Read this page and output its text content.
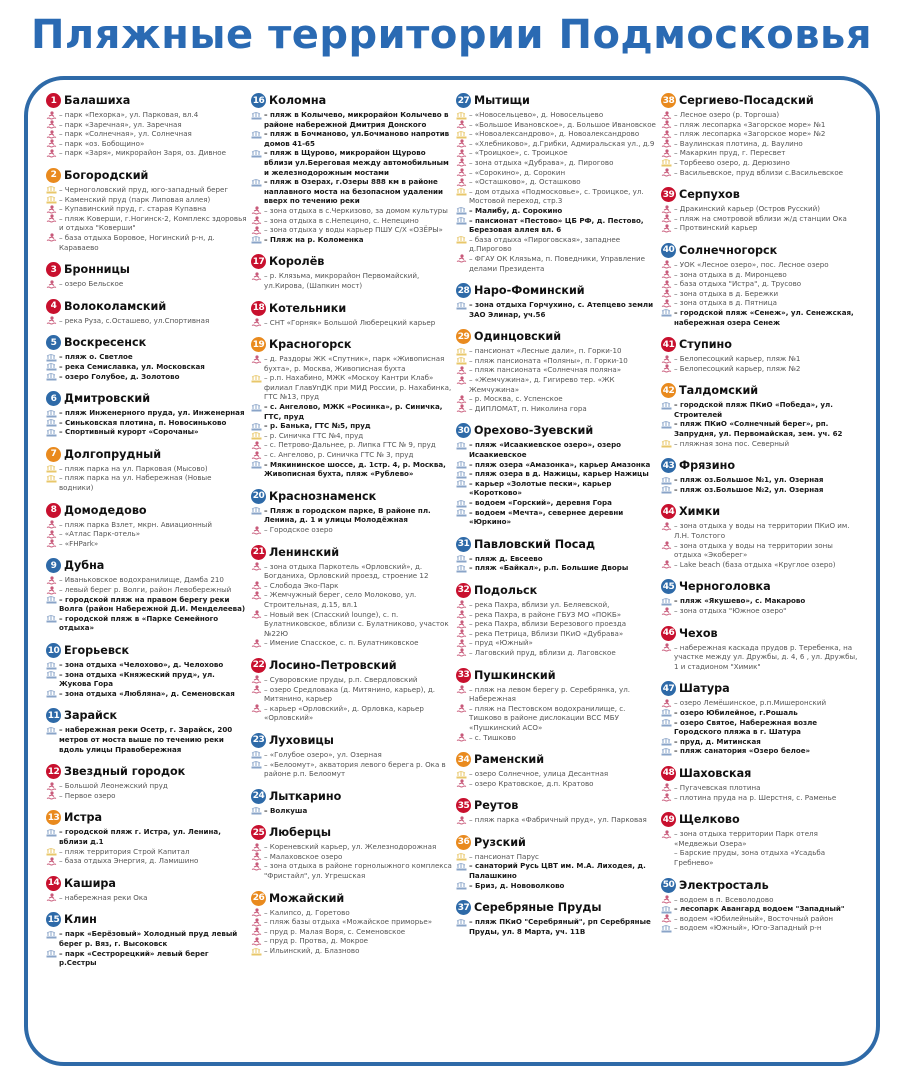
Пляжные территории Подмосковья
1 Балашиха
– парк «Пехорка», ул. Парковая, вл.4
– парк «Заречная», ул. Заречная
– парк «Солнечная», ул. Солнечная
– парк «оз. Бобощино»
– парк «Заря», микрорайон Заря, оз. Дивное
2 Богородский
– Черноголовский пруд, юго-западный берег
– Каменский пруд (парк Липовая аллея)
– Купавинский пруд, г. старая Купавна
– пляж Коверши, г.Ногинск-2, Комплекс здоровья и отдыха "Коверши"
– база отдыха Боровое, Ногинский р-н, д. Караваево
3 Бронницы
– озеро Бельское
4 Волоколамский
– река Руза, с.Осташево, ул.Спортивная
5 Воскресенск
– пляж о. Светлое
– река Семиславка, ул. Московская
– озеро Голубое, д. Золотово
6 Дмитровский
– пляж Инженерного пруда, ул. Инженерная
– Синьковская плотина, п. Новосиньково
– Спортивный курорт «Сорочаны»
7 Долгопрудный
– пляж парка на ул. Парковая (Мысово)
– пляж парка на ул. Набережная (Новые водники)
8 Домодедово
– пляж парка Взлет, мкрн. Авиационный
– «Атлас Парк-отель»
– «FHPark»
9 Дубна
– Иваньковское водохранилище, Дамба 210
– левый берег р. Волги, район Левобережный
– городской пляж на правом берегу реки Волга (район Набережной Д.И. Менделеева)
– городской пляж в «Парке Семейного отдыха»
10 Егорьевск
– зона отдыха «Челохово», д. Челохово
– зона отдыха «Княжеский пруд», ул. Жукова Гора
– зона отдыха «Любляна», д. Семеновская
11 Зарайск
– набережная реки Осетр, г. Зарайск, 200 метров от моста выше по течению реки вдоль улицы Правобережная
12 Звездный городок
– Большой Леонежский пруд
– Первое озеро
13 Истра
– городской пляж г. Истра, ул. Ленина, вблизи д.1
– пляж территория Строй Капитал
– база отдыха Энергия, д. Ламишино
14 Кашира
– набережная реки Ока
15 Клин
– парк «Берёзовый» Холодный пруд левый берег р. Вяз, г. Высоковск
– парк «Сестрорецкий» левый берег р.Сестры
16 Коломна
– пляж в Колычево, микрорайон Колычево в районе набережной Дмитрия Донского
– пляж в Бочманово, ул.Бочманово напротив домов 41-65
– пляж в Щурово, микрорайон Щурово вблизи ул.Береговая между автомобильным и железнодорожным мостами
– пляж в Озерах, г.Озеры 888 км в районе наплавного моста на безопасном удалении вверх по течению реки
– зона отдыха в с.Черкизово, за домом культуры
– зона отдыха в с.Непецино, с. Непецино
– зона отдыха у воды карьер ПШУ С/Х «ОЗЁРЫ»
– Пляж на р. Коломенка
17 Королёв
– р. Клязьма, микрорайон Первомайский, ул.Кирова, (Шапкин мост)
18 Котельники
– СНТ «Горняк» Большой Люберецкий карьер
19 Красногорск
– д. Раздоры ЖК «Спутник», парк «Живописная бухта», р. Москва, Живописная бухта
– р.п. Нахабино, МЖК «Москоу Кантри Клаб» филиал ГлавУпДК при МИД России, р. Нахабинка, ГТС №13, пруд
– с. Ангелово, МЖК «Росинка», р. Синичка, ГТС, пруд
– р. Банька, ГТС №5, пруд
– р. Синичка ГТС №4, пруд
– с. Петрово-Дальнее, р. Липка ГТС № 9, пруд
– с. Ангелово, р. Синичка ГТС № 3, пруд
– Мякининское шоссе, д. 1стр. 4, р. Москва, Живописная бухта, пляж «Рублево»
20 Краснознаменск
– Пляж в городском парке, В районе пл. Ленина, д. 1 и улицы Молодёжная
– Городское озеро
21 Ленинский
– зона отдыха Паркотель «Орловский», д. Богданиха, Орловский проезд, строение 12
– Слобода Эко-Парк
– Жемчужный берег, село Молоково, ул. Строительная, д.15, вл.1
– Новый век (Спасский lounge), с. п. Булатниковское, вблизи с. Булатниково, участок №22Ю
– Имение Спасское, с. п. Булатниковское
22 Лосино-Петровский
– Суворовские пруды, р.п. Свердловский
– озеро Средловака (д. Митянино, карьер), д. Митянино, карьер
– карьер «Орловский», д. Орловка, карьер «Орловский»
23 Луховицы
– «Голубое озеро», ул. Озерная
– «Белоомут», акватория левого берега р. Ока в районе р.п. Белоомут
24 Лыткарино
– Волкуша
25 Люберцы
– Кореневский карьер, ул. Железнодорожная
– Малаховское озеро
– зона отдыха в районе горнолыжного комплекса "Фристайл", ул. Угрешская
26 Можайский
– Калипсо, д. Горетово
– пляж базы отдыха «Можайское приморье»
– пруд р. Малая Воря, с. Семеновское
– пруд р. Протва, д. Мокрое
– Ильинский, д. Блазново
27 Мытищи
– «Новосельцево», д. Новосельцево
– «Большое Ивановское», д. Большое Ивановское
– «Новоалександрово», д. Новоалександрово
– «Хлебниково», д.Грибки, Адмиральская ул., д.9
– «Троицкое», с. Троицкое
– зона отдыха «Дубрава», д. Пирогово
– «Сорокино», д. Сорокин
– «Осташково», д. Осташково
– дом отдыха «Подмосковье», с. Троицкое, ул. Мостовой переход, стр.3
– Малибу, д. Сорокино
– пансионат «Пестово» ЦБ РФ, д. Пестово, Березовая аллея вл. 6
– база отдыха «Пироговская», западнее д.Пирогово
– ФГАУ ОК Клязьма, п. Поведники, Управление делами Президента
28 Наро-Фоминский
– зона отдыха Горчухино, с. Атепцево земли ЗАО Элинар, уч.56
29 Одинцовский
– пансионат «Лесные дали», п. Горки-10
– пляж пансионата «Поляны», п. Горки-10
– пляж пансионата «Солнечная поляна»
– «Жемчужина», д. Гигирево тер. «ЖК Жемчужина»
– р. Москва, с. Успенское
– ДИПЛОМАТ, п. Николина гора
30 Орехово-Зуевский
– пляж «Исаакиевское озеро», озеро Исаакиевское
– пляж озера «Амазонка», карьер Амазонка
– пляж озера в д. Нажицы, карьер Нажицы
– карьер «Золотые пески», карьер «Коротково»
– водоем «Горский», деревня Гора
– водоем «Мечта», севернее деревни «Юркино»
31 Павловский Посад
– пляж д. Евсеево
– пляж «Байкал», р.п. Большие Дворы
32 Подольск
– река Пахра, вблизи ул. Беляевской,
– река Пахра, в районе ГБУЗ МО «ПОКБ»
– река Пахра, вблизи Березового проезда
– река Петрица, Вблизи ПКиО «Дубрава»
– пруд «Южный»
– Лаговский пруд, вблизи д. Лаговское
33 Пушкинский
– пляж на левом берегу р. Серебрянка, ул. Набережная
– пляж на Пестовском водохранилище, с. Тишково в районе дислокации ВСС МБУ «Пушкинский АСО»
– с. Тишково
34 Раменский
– озеро Солнечное, улица Десантная
– озеро Кратовское, д.п. Кратово
35 Реутов
– пляж парка «Фабричный пруд», ул. Парковая
36 Рузский
– пансионат Парус
– санаторий Русь ЦВТ им. М.А. Лиходея, д. Палашкино
– Бриз, д. Нововолково
37 Серебряные Пруды
– пляж ПКиО "Серебряный", рп Серебряные Пруды, ул. 8 Марта, уч. 11В
38 Сергиево-Посадский
– Лесное озеро (р. Торгоша)
– пляж лесопарка «Загорское море» №1
– пляж лесопарка «Загорское море» №2
– Ваулинская плотина, д. Ваулино
– Макаркин пруд, г. Пересвет
– Торбеево озеро, д. Дерюзино
– Васильевское, пруд вблизи с.Васильевское
39 Серпухов
– Дракинский карьер (Остров Русский)
– пляж на смотровой вблизи ж/д станции Ока
– Протвинский карьер
40 Солнечногорск
– УОК «Лесное озеро», пос. Лесное озеро
– зона отдыха в д. Миронцево
– база отдыха "Истра", д. Трусово
– зона отдыха в д. Бережки
– зона отдыха в д. Пятница
– городской пляж «Сенеж», ул. Сенежская, набережная озера Сенеж
41 Ступино
– Белопесоцкий карьер, пляж №1
– Белопесоцкий карьер, пляж №2
42 Талдомский
– городской пляж ПКиО «Победа», ул. Строителей
– пляж ПКиО «Солнечный берег», рп. Запрудня, ул. Первомайская, зем. уч. 62
– пляжная зона пос. Северный
43 Фрязино
– пляж оз.Большое №1, ул. Озерная
– пляж оз.Большое №2, ул. Озерная
44 Химки
– зона отдыха у воды на территории ПКиО им. Л.Н. Толстого
– зона отдыха у воды на территории зоны отдыха «Экоберег»
– Lake beach (база отдыха «Круглое озеро)
45 Черноголовка
– пляж «Якушево», с. Макарово
– зона отдыха "Южное озеро"
46 Чехов
– набережная каскада прудов р. Теребенка, на участке между ул. Дружбы, д. 4, 6 , ул. Дружбы, 1 и стадионом "Химик"
47 Шатура
– озеро Лемёшинское, р.п.Мишеронский
– озеро Юбилейное, г.Рошаль
– озеро Святое, Набережная возле Городского пляжа в г. Шатура
– пруд, д. Митинская
– пляж санатория «Озеро белое»
48 Шаховская
– Пугачевская плотина
– плотина пруда на р. Шерстня, с. Раменье
49 Щелково
– зона отдыха территории Парк отеля «Медвежьи Озера»
– Барские пруды, зона отдыха «Усадьба Гребнево»
50 Электросталь
– водоем в п. Всеволодово
– лесопарк Авангард водоем "Западный"
– водоем «Юбилейный», Восточный район
– водоем «Южный», Юго-Западный р-н
